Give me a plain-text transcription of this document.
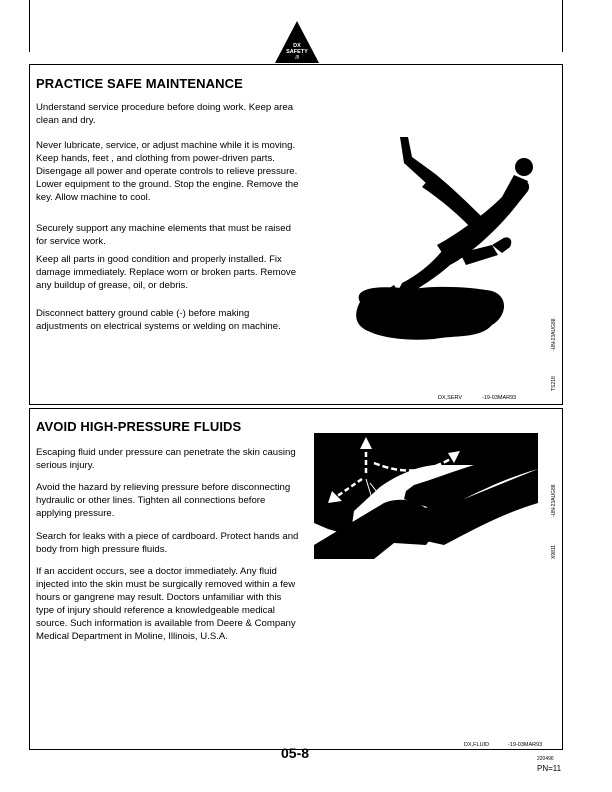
DX
SAFETY
Ill
PRACTICE SAFE MAINTENANCE

Understand service procedure before doing work. Keep area clean and dry.

Never lubricate, service, or adjust machine while it is moving. Keep hands, feet , and clothing from power-driven parts. Disengage all power and operate controls to relieve pressure. Lower equipment to the ground. Stop the engine. Remove the key. Allow machine to cool.

Securely support any machine elements that must be raised for service work.

Keep all parts in good condition and properly installed. Fix damage immediately. Replace worn or broken parts. Remove any buildup of grease, oil, or debris.

Disconnect battery ground cable (-) before making adjustments on electrical systems or welding on machine.	-UN-23AUG88
TS218
DX,SERV	-19-03MAR93
AVOID HIGH-PRESSURE FLUIDS

Escaping fluid under pressure can penetrate the skin causing serious injury.

Avoid the hazard by relieving pressure before disconnecting hydraulic or other lines. Tighten all connections before applying pressure.

Search for leaks with a piece of cardboard. Protect hands and body from high pressure fluids.

If an accident occurs, see a doctor immediately. Any fluid injected into the skin must be surgically removed within a few hours or gangrene may result. Doctors unfamiliar with this type of injury should reference a knowledgeable medical source. Such information is available from Deere & Company Medical Department in Moline, Illinois, U.S.A.

-UN-23AUG88
X9811
DX,FLUID	-19-03MAR93
05-8	220496
PN=11
